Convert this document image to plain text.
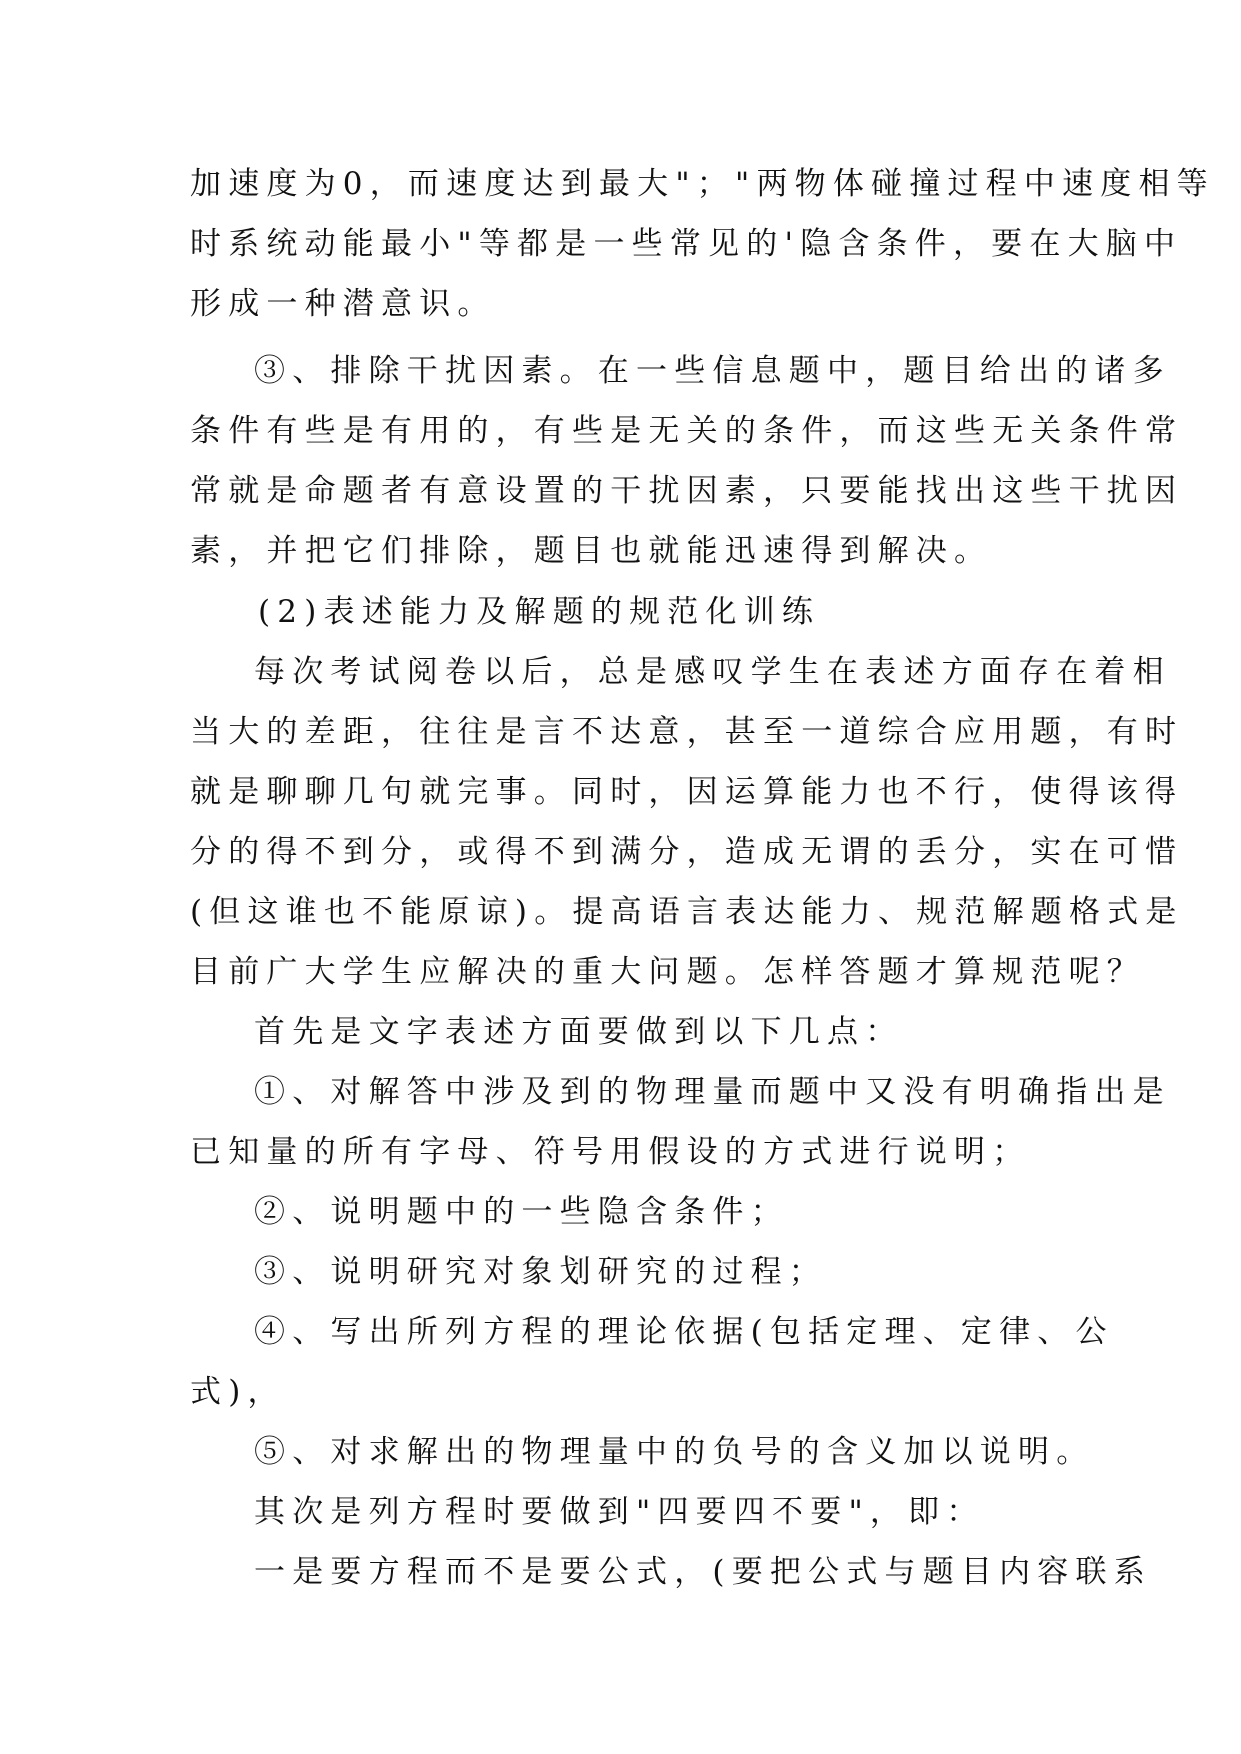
加速度为0，而速度达到最大"；"两物体碰撞过程中速度相等
时系统动能最小"等都是一些常见的'隐含条件，要在大脑中
形成一种潜意识。
③、排除干扰因素。在一些信息题中，题目给出的诸多
条件有些是有用的，有些是无关的条件，而这些无关条件常
常就是命题者有意设置的干扰因素，只要能找出这些干扰因
素，并把它们排除，题目也就能迅速得到解决。
(2)表述能力及解题的规范化训练
每次考试阅卷以后，总是感叹学生在表述方面存在着相
当大的差距，往往是言不达意，甚至一道综合应用题，有时
就是聊聊几句就完事。同时，因运算能力也不行，使得该得
分的得不到分，或得不到满分，造成无谓的丢分，实在可惜
(但这谁也不能原谅)。提高语言表达能力、规范解题格式是
目前广大学生应解决的重大问题。怎样答题才算规范呢？
首先是文字表述方面要做到以下几点：
①、对解答中涉及到的物理量而题中又没有明确指出是
已知量的所有字母、符号用假设的方式进行说明；
②、说明题中的一些隐含条件；
③、说明研究对象划研究的过程；
④、写出所列方程的理论依据(包括定理、定律、公
式)，
⑤、对求解出的物理量中的负号的含义加以说明。
其次是列方程时要做到"四要四不要"，即：
一是要方程而不是要公式，(要把公式与题目内容联系
